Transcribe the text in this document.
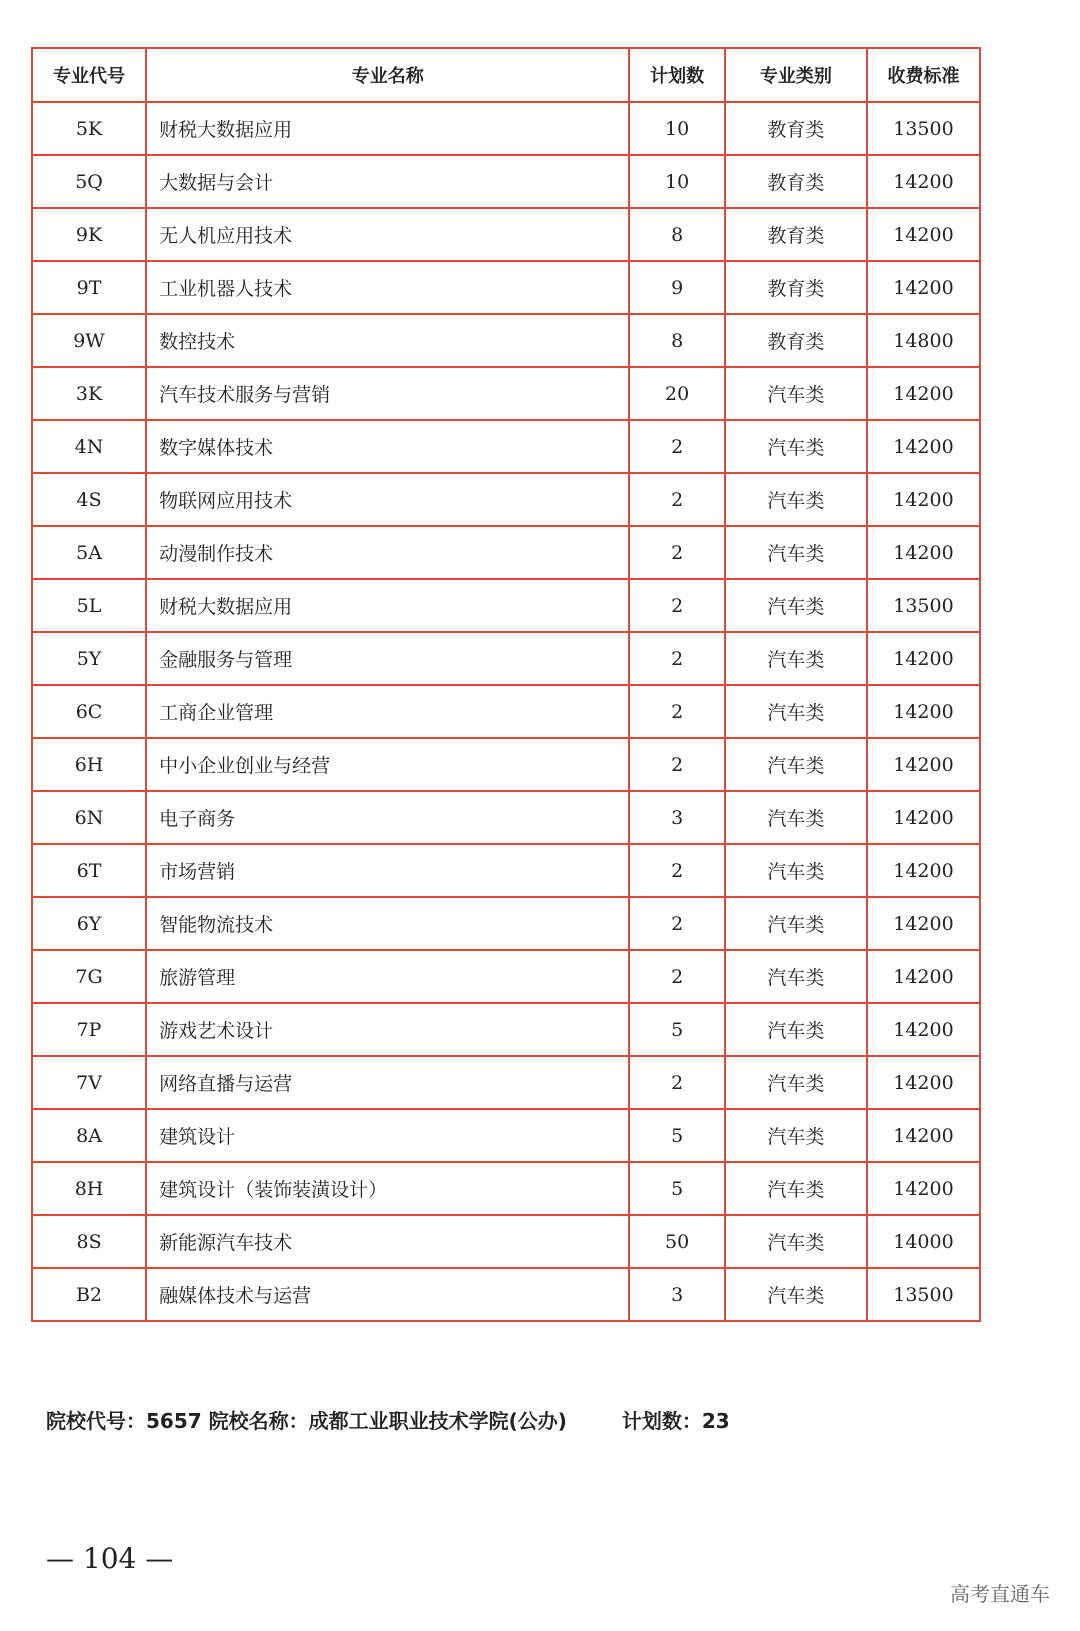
专业代号	专业名称	计划数	专业类别	收费标准
5K	财税大数据应用	10	教育类	13500
5Q	大数据与会计	10	教育类	14200
9K	无人机应用技术	8	教育类	14200
9T	工业机器人技术	9	教育类	14200
9W	数控技术	8	教育类	14800
3K	汽车技术服务与营销	20	汽车类	14200
4N	数字媒体技术	2	汽车类	14200
4S	物联网应用技术	2	汽车类	14200
5A	动漫制作技术	2	汽车类	14200
5L	财税大数据应用	2	汽车类	13500
5Y	金融服务与管理	2	汽车类	14200
6C	工商企业管理	2	汽车类	14200
6H	中小企业创业与经营	2	汽车类	14200
6N	电子商务	3	汽车类	14200
6T	市场营销	2	汽车类	14200
6Y	智能物流技术	2	汽车类	14200
7G	旅游管理	2	汽车类	14200
7P	游戏艺术设计	5	汽车类	14200
7V	网络直播与运营	2	汽车类	14200
8A	建筑设计	5	汽车类	14200
8H	建筑设计（装饰装潢设计）	5	汽车类	14200
8S	新能源汽车技术	50	汽车类	14000
B2	融媒体技术与运营	3	汽车类	13500
院校代号：5657 院校名称：成都工业职业技术学院(公办)	计划数：23
— 104 —
高考直通车
